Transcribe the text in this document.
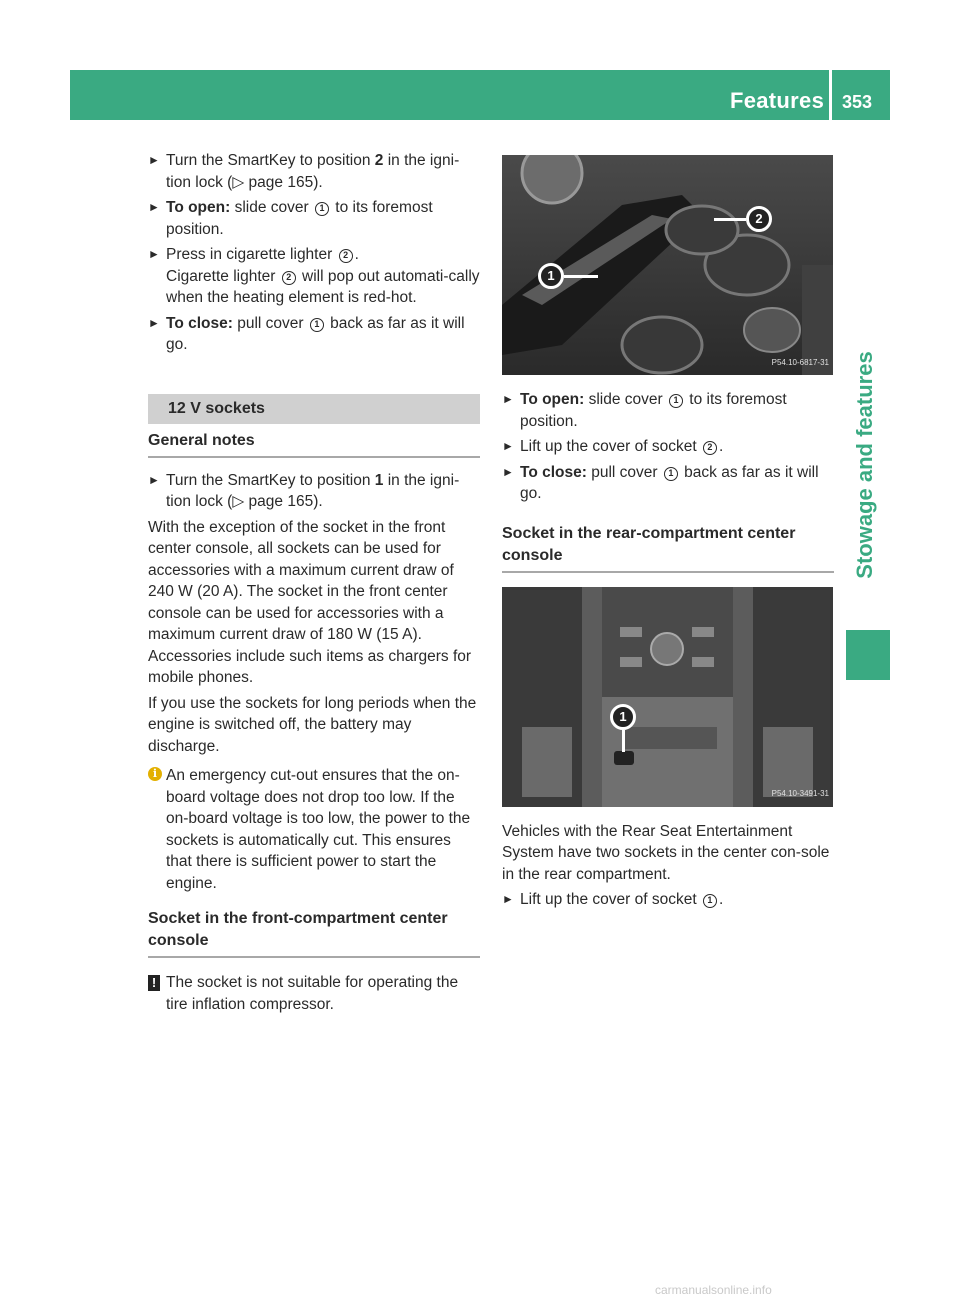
Features 353
Stowage and features
► Turn the SmartKey to position 2 in the igni-tion lock (▷ page 165).
► To open: slide cover 1 to its foremost position.
► Press in cigarette lighter 2 .
Cigarette lighter 2 will pop out automati-cally when the heating element is red-hot.
► To close: pull cover 1 back as far as it will go.
12 V sockets
General notes
► Turn the SmartKey to position 1 in the igni-tion lock (▷ page 165).

With the exception of the socket in the front center console, all sockets can be used for accessories with a maximum current draw of 240 W (20 A). The socket in the front center console can be used for accessories with a maximum current draw of 180 W (15 A). Accessories include such items as chargers for mobile phones.

If you use the sockets for long periods when the engine is switched off, the battery may discharge.

i An emergency cut-out ensures that the on-board voltage does not drop too low. If the on-board voltage is too low, the power to the sockets is automatically cut. This ensures that there is sufficient power to start the engine.
Socket in the front-compartment center console
! The socket is not suitable for operating the tire inflation compressor.
1
2
P54.10-6817-31
► To open: slide cover 1 to its foremost position.
► Lift up the cover of socket 2 .
► To close: pull cover 1 back as far as it will go.
Socket in the rear-compartment center console
1
P54.10-3491-31

Vehicles with the Rear Seat Entertainment System have two sockets in the center con-sole in the rear compartment.

► Lift up the cover of socket 1 .
carmanualsonline.info
